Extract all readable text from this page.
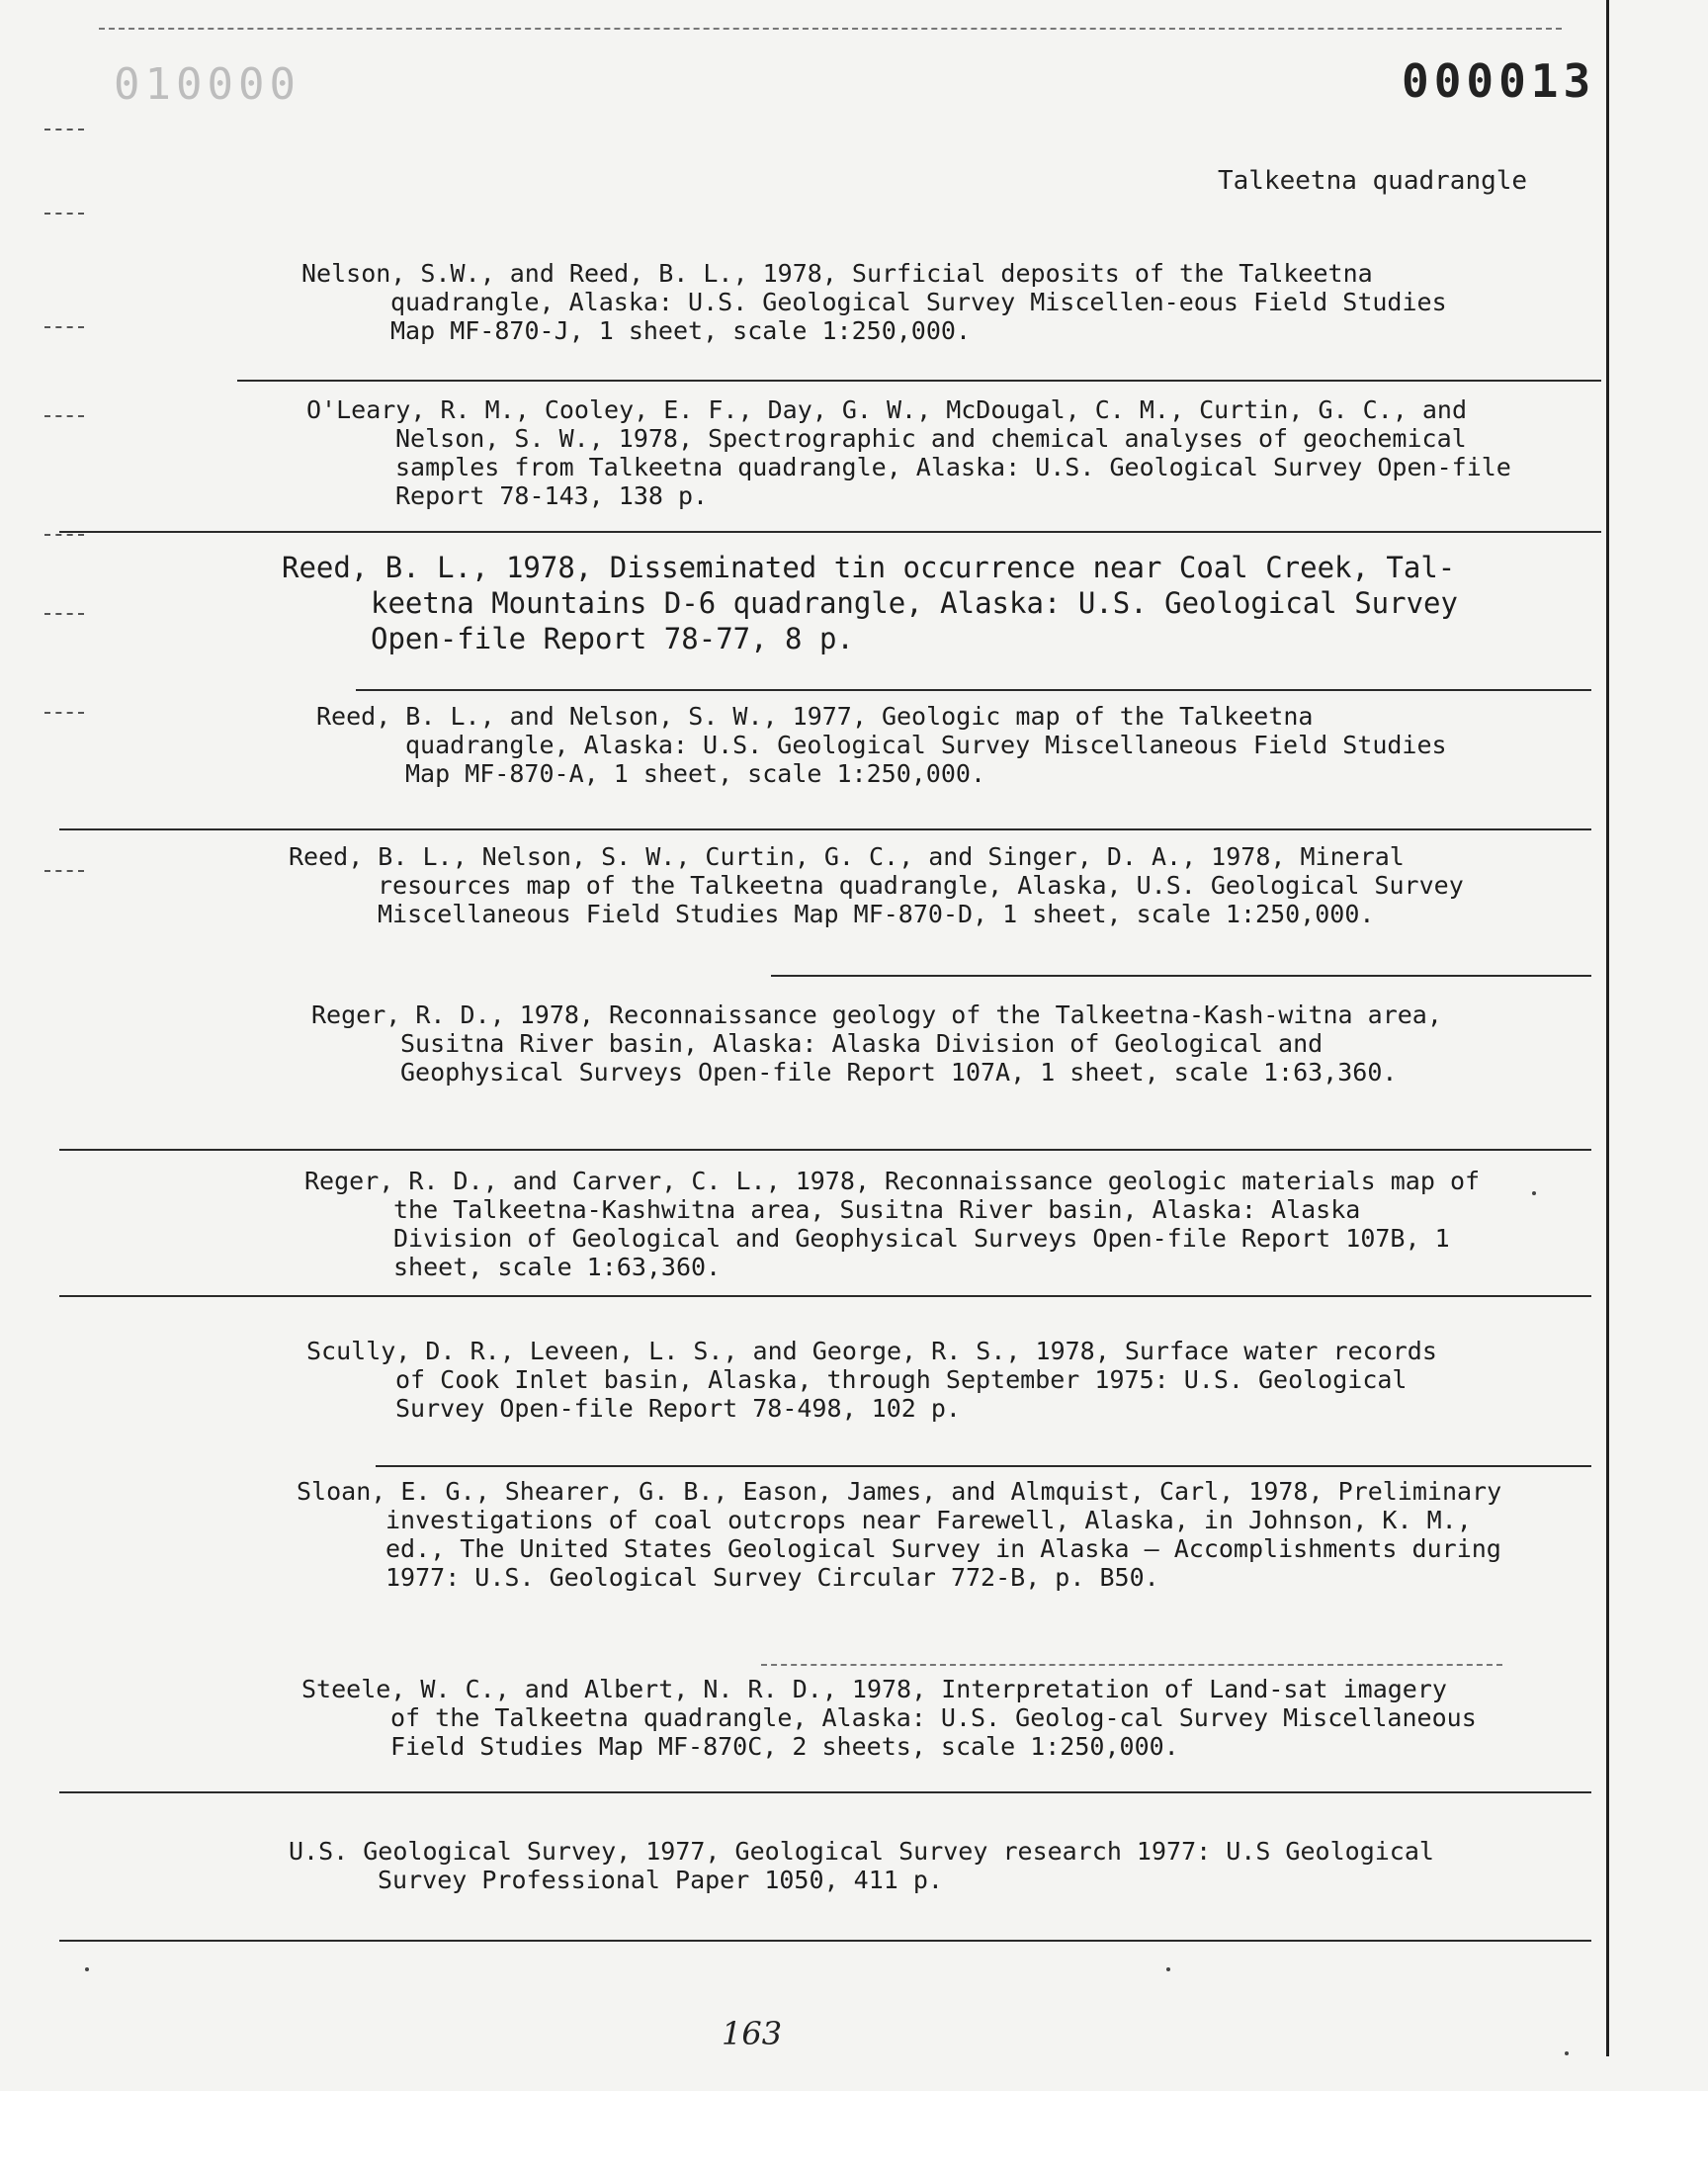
010000	000013
Talkeetna quadrangle

Nelson, S.W., and Reed, B. L., 1978, Surficial deposits of the Talkeetna quadrangle, Alaska: U.S. Geological Survey Miscellen-eous Field Studies Map MF-870-J, 1 sheet, scale 1:250,000.

O'Leary, R. M., Cooley, E. F., Day, G. W., McDougal, C. M., Curtin, G. C., and Nelson, S. W., 1978, Spectrographic and chemical analyses of geochemical samples from Talkeetna quadrangle, Alaska: U.S. Geological Survey Open-file Report 78-143, 138 p.

Reed, B. L., 1978, Disseminated tin occurrence near Coal Creek, Tal-keetna Mountains D-6 quadrangle, Alaska: U.S. Geological Survey Open-file Report 78-77, 8 p.

Reed, B. L., and Nelson, S. W., 1977, Geologic map of the Talkeetna quadrangle, Alaska: U.S. Geological Survey Miscellaneous Field Studies Map MF-870-A, 1 sheet, scale 1:250,000.

Reed, B. L., Nelson, S. W., Curtin, G. C., and Singer, D. A., 1978, Mineral resources map of the Talkeetna quadrangle, Alaska, U.S. Geological Survey Miscellaneous Field Studies Map MF-870-D, 1 sheet, scale 1:250,000.

Reger, R. D., 1978, Reconnaissance geology of the Talkeetna-Kash-witna area, Susitna River basin, Alaska: Alaska Division of Geological and Geophysical Surveys Open-file Report 107A, 1 sheet, scale 1:63,360.

Reger, R. D., and Carver, C. L., 1978, Reconnaissance geologic materials map of the Talkeetna-Kashwitna area, Susitna River basin, Alaska: Alaska Division of Geological and Geophysical Surveys Open-file Report 107B, 1 sheet, scale 1:63,360.

Scully, D. R., Leveen, L. S., and George, R. S., 1978, Surface water records of Cook Inlet basin, Alaska, through September 1975: U.S. Geological Survey Open-file Report 78-498, 102 p.

Sloan, E. G., Shearer, G. B., Eason, James, and Almquist, Carl, 1978, Preliminary investigations of coal outcrops near Farewell, Alaska, in Johnson, K. M., ed., The United States Geological Survey in Alaska — Accomplishments during 1977: U.S. Geological Survey Circular 772-B, p. B50.

Steele, W. C., and Albert, N. R. D., 1978, Interpretation of Land-sat imagery of the Talkeetna quadrangle, Alaska: U.S. Geolog-cal Survey Miscellaneous Field Studies Map MF-870C, 2 sheets, scale 1:250,000.

U.S. Geological Survey, 1977, Geological Survey research 1977: U.S Geological Survey Professional Paper 1050, 411 p.

163
